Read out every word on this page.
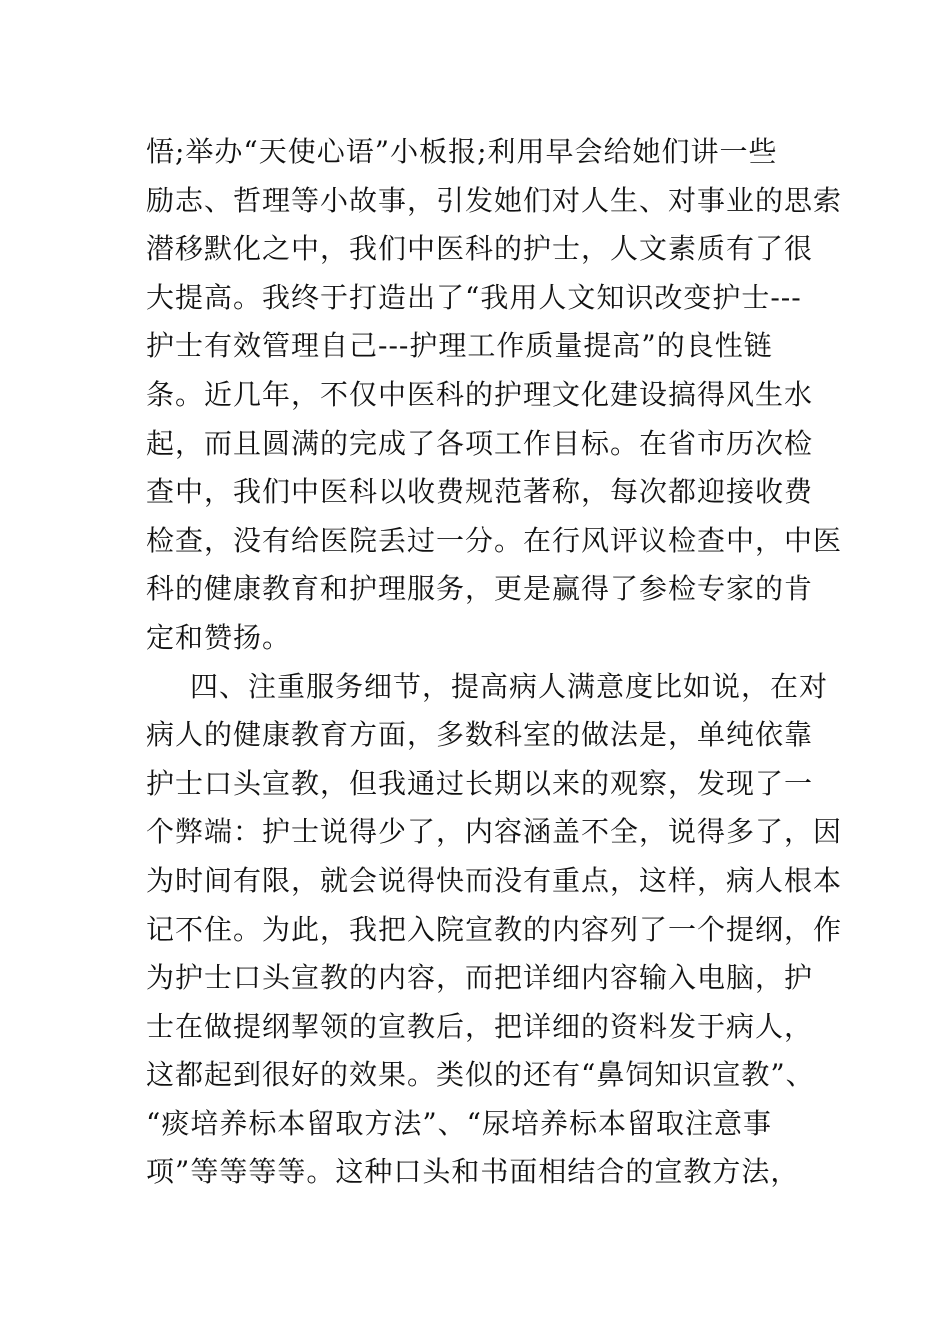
悟;举办“天使心语”小板报;利用早会给她们讲一些
励志、哲理等小故事，引发她们对人生、对事业的思索
潜移默化之中，我们中医科的护士，人文素质有了很
大提高。我终于打造出了“我用人文知识改变护士---
护士有效管理自己---护理工作质量提高”的良性链
条。近几年，不仅中医科的护理文化建设搞得风生水
起，而且圆满的完成了各项工作目标。在省市历次检
查中，我们中医科以收费规范著称，每次都迎接收费
检查，没有给医院丢过一分。在行风评议检查中，中医
科的健康教育和护理服务，更是赢得了参检专家的肯
定和赞扬。
四、注重服务细节，提高病人满意度比如说，在对
病人的健康教育方面，多数科室的做法是，单纯依靠
护士口头宣教，但我通过长期以来的观察，发现了一
个弊端：护士说得少了，内容涵盖不全，说得多了，因
为时间有限，就会说得快而没有重点，这样，病人根本
记不住。为此，我把入院宣教的内容列了一个提纲，作
为护士口头宣教的内容，而把详细内容输入电脑，护
士在做提纲挈领的宣教后，把详细的资料发于病人，
这都起到很好的效果。类似的还有“鼻饲知识宣教”、
“痰培养标本留取方法”、“尿培养标本留取注意事
项”等等等等。这种口头和书面相结合的宣教方法，
